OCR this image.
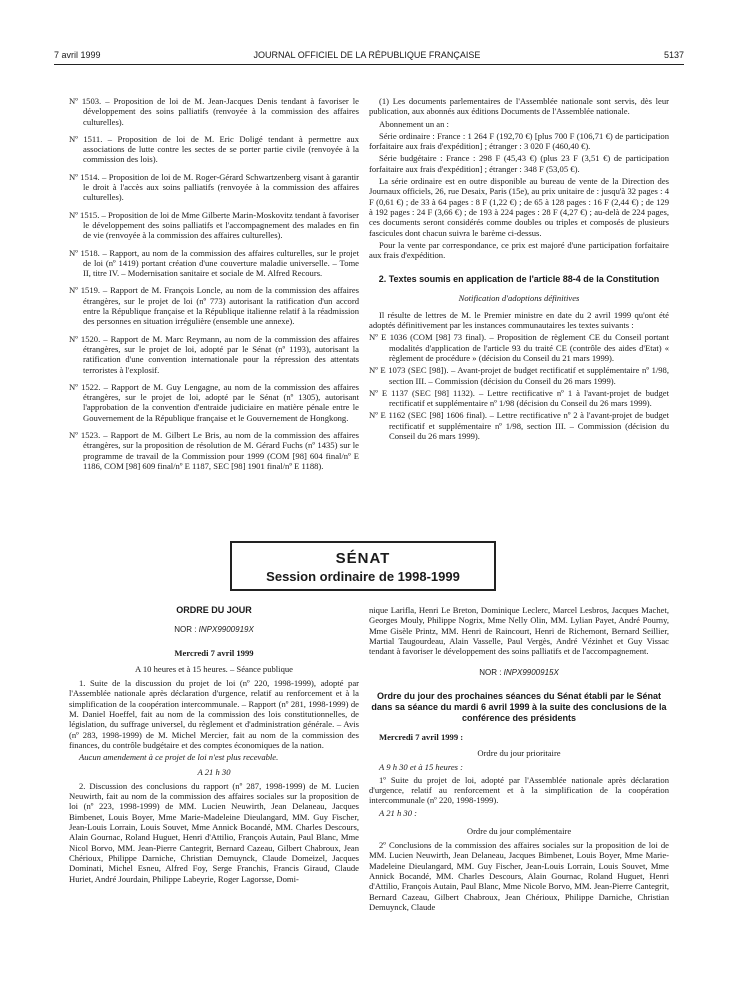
7 avril 1999	JOURNAL OFFICIEL DE LA RÉPUBLIQUE FRANÇAISE	5137
Nº 1503. – Proposition de loi de M. Jean-Jacques Denis tendant à favoriser le développement des soins palliatifs (renvoyée à la commission des affaires culturelles).
Nº 1511. – Proposition de loi de M. Eric Doligé tendant à permettre aux associations de lutte contre les sectes de se porter partie civile (renvoyée à la commission des lois).
Nº 1514. – Proposition de loi de M. Roger-Gérard Schwartzenberg visant à garantir le droit à l'accès aux soins palliatifs (renvoyée à la commission des affaires culturelles).
Nº 1515. – Proposition de loi de Mme Gilberte Marin-Moskovitz tendant à favoriser le développement des soins palliatifs et l'accompagnement des malades en fin de vie (renvoyée à la commission des affaires culturelles).
Nº 1518. – Rapport, au nom de la commission des affaires culturelles, sur le projet de loi (nº 1419) portant création d'une couverture maladie universelle. – Tome II, titre IV. – Modernisation sanitaire et sociale de M. Alfred Recours.
Nº 1519. – Rapport de M. François Loncle, au nom de la commission des affaires étrangères, sur le projet de loi (nº 773) autorisant la ratification d'un accord entre la République française et la République italienne relatif à la réadmission des personnes en situation irrégulière (ensemble une annexe).
Nº 1520. – Rapport de M. Marc Reymann, au nom de la commission des affaires étrangères, sur le projet de loi, adopté par le Sénat (nº 1193), autorisant la ratification d'une convention internationale pour la répression des attentats terroristes à l'explosif.
Nº 1522. – Rapport de M. Guy Lengagne, au nom de la commission des affaires étrangères, sur le projet de loi, adopté par le Sénat (nº 1305), autorisant l'approbation de la convention d'entraide judiciaire en matière pénale entre le Gouvernement de la République française et le Gouvernement de Hongkong.
Nº 1523. – Rapport de M. Gilbert Le Bris, au nom de la commission des affaires étrangères, sur la proposition de résolution de M. Gérard Fuchs (nº 1435) sur le programme de travail de la Commission pour 1999 (COM [98] 604 final/nº E 1186, COM [98] 609 final/nº E 1187, SEC [98] 1901 final/nº E 1188).

(1) Les documents parlementaires de l'Assemblée nationale sont servis, dès leur publication, aux abonnés aux éditions Documents de l'Assemblée nationale.

Abonnement un an :

Série ordinaire : France : 1 264 F (192,70 €) [plus 700 F (106,71 €) de participation forfaitaire aux frais d'expédition] ; étranger : 3 020 F (460,40 €).

Série budgétaire : France : 298 F (45,43 €) (plus 23 F (3,51 €) de participation forfaitaire aux frais d'expédition] ; étranger : 348 F (53,05 €).

La série ordinaire est en outre disponible au bureau de vente de la Direction des Journaux officiels, 26, rue Desaix, Paris (15e), au prix unitaire de : jusqu'à 32 pages : 4 F (0,61 €) ; de 33 à 64 pages : 8 F (1,22 €) ; de 65 à 128 pages : 16 F (2,44 €) ; de 129 à 192 pages : 24 F (3,66 €) ; de 193 à 224 pages : 28 F (4,27 €) ; au-delà de 224 pages, ces documents seront considérés comme doubles ou triples et composés de plusieurs fascicules dont chacun suivra le barème ci-dessus.

Pour la vente par correspondance, ce prix est majoré d'une participation forfaitaire aux frais d'expédition.

2. Textes soumis en application de l'article 88-4 de la Constitution
Notification d'adoptions définitives

Il résulte de lettres de M. le Premier ministre en date du 2 avril 1999 qu'ont été adoptés définitivement par les instances communautaires les textes suivants :

Nº E 1036 (COM [98] 73 final). – Proposition de règlement CE du Conseil portant modalités d'application de l'article 93 du traité CE (contrôle des aides d'Etat) « règlement de procédure » (décision du Conseil du 21 mars 1999).

Nº E 1073 (SEC [98]). – Avant-projet de budget rectificatif et supplémentaire nº 1/98, section III. – Commission (décision du Conseil du 26 mars 1999).

Nº E 1137 (SEC [98] 1132). – Lettre rectificative nº 1 à l'avant-projet de budget rectificatif et supplémentaire nº 1/98 (décision du Conseil du 26 mars 1999).

Nº E 1162 (SEC [98] 1606 final). – Lettre rectificative nº 2 à l'avant-projet de budget rectificatif et supplémentaire nº 1/98, section III. – Commission (décision du Conseil du 26 mars 1999).

SÉNAT
Session ordinaire de 1998-1999
ORDRE DU JOUR
NOR : INPX9900919X
Mercredi 7 avril 1999
A 10 heures et à 15 heures. – Séance publique

1. Suite de la discussion du projet de loi (nº 220, 1998-1999), adopté par l'Assemblée nationale après déclaration d'urgence, relatif au renforcement et à la simplification de la coopération intercommunale. – Rapport (nº 281, 1998-1999) de M. Daniel Hoeffel, fait au nom de la commission des lois constitutionnelles, de législation, du suffrage universel, du règlement et d'administration générale. – Avis (nº 283, 1998-1999) de M. Michel Mercier, fait au nom de la commission des finances, du contrôle budgétaire et des comptes économiques de la nation.

Aucun amendement à ce projet de loi n'est plus recevable.

A 21 h 30

2. Discussion des conclusions du rapport (nº 287, 1998-1999) de M. Lucien Neuwirth, fait au nom de la commission des affaires sociales sur la proposition de loi (nº 223, 1998-1999) de MM. Lucien Neuwirth, Jean Delaneau, Jacques Bimbenet, Louis Boyer, Mme Marie-Madeleine Dieulangard, MM. Guy Fischer, Jean-Louis Lorrain, Louis Souvet, Mme Annick Bocandé, MM. Charles Descours, Alain Gournac, Roland Huguet, Henri d'Attilio, François Autain, Paul Blanc, Mme Nicol Borvo, MM. Jean-Pierre Cantegrit, Bernard Cazeau, Gilbert Chabroux, Jean Chérioux, Philippe Darniche, Christian Demuynck, Claude Domeizel, Jacques Dominati, Michel Esneu, Alfred Foy, Serge Franchis, Francis Giraud, Claude Huriet, André Jourdain, Philippe Labeyrie, Roger Lagorsse, Domi-

nique Larifla, Henri Le Breton, Dominique Leclerc, Marcel Lesbros, Jacques Machet, Georges Mouly, Philippe Nogrix, Mme Nelly Olin, MM. Lylian Payet, André Pourny, Mme Gisèle Printz, MM. Henri de Raincourt, Henri de Richemont, Bernard Seillier, Martial Taugourdeau, Alain Vasselle, Paul Vergès, André Vézinhet et Guy Vissac tendant à favoriser le développement des soins palliatifs et de l'accompagnement.

NOR : INPX9900915X
Ordre du jour des prochaines séances du Sénat établi par le Sénat dans sa séance du mardi 6 avril 1999 à la suite des conclusions de la conférence des présidents
Mercredi 7 avril 1999 :
Ordre du jour prioritaire

A 9 h 30 et à 15 heures :

1º Suite du projet de loi, adopté par l'Assemblée nationale après déclaration d'urgence, relatif au renforcement et à la simplification de la coopération intercommunale (nº 220, 1998-1999).

A 21 h 30 :

Ordre du jour complémentaire

2º Conclusions de la commission des affaires sociales sur la proposition de loi de MM. Lucien Neuwirth, Jean Delaneau, Jacques Bimbenet, Louis Boyer, Mme Marie-Madeleine Dieulangard, MM. Guy Fischer, Jean-Louis Lorrain, Louis Souvet, Mme Annick Bocandé, MM. Charles Descours, Alain Gournac, Roland Huguet, Henri d'Attilio, François Autain, Paul Blanc, Mme Nicole Borvo, MM. Jean-Pierre Cantegrit, Bernard Cazeau, Gilbert Chabroux, Jean Chérioux, Philippe Darniche, Christian Demuynck, Claude
